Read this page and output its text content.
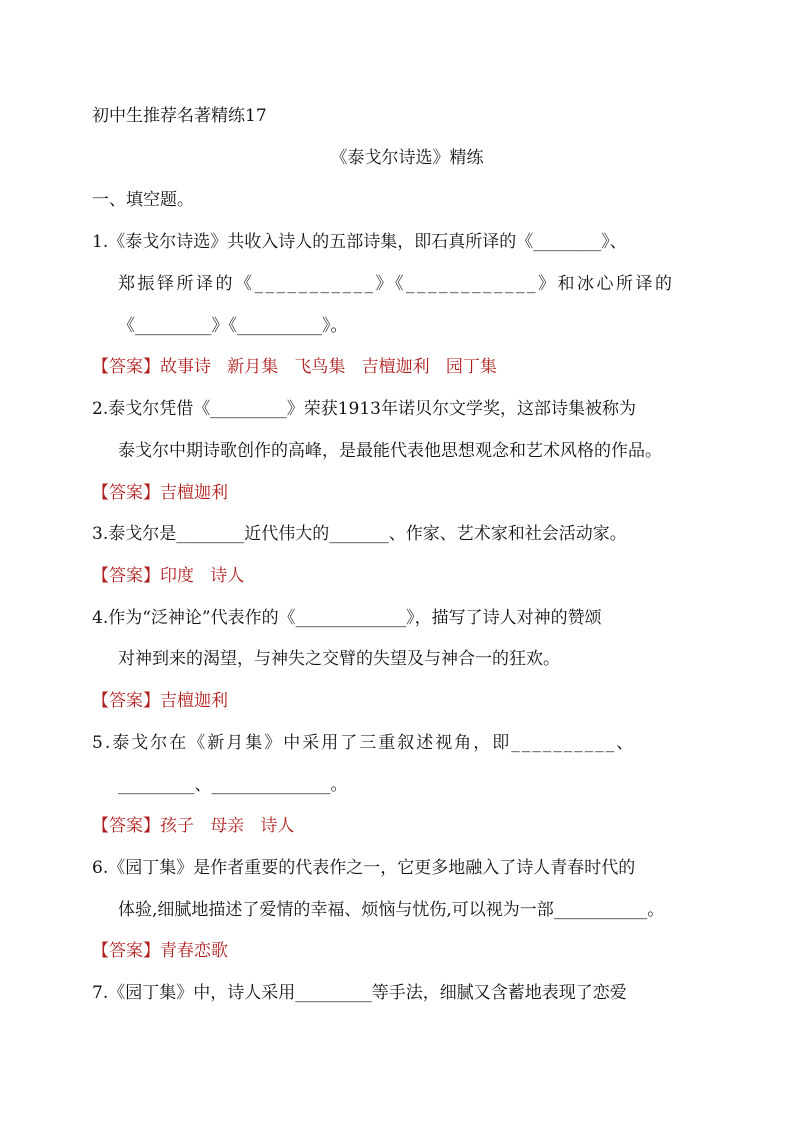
初中生推荐名著精练17
《泰戈尔诗选》精练
一、填空题。
1.《泰戈尔诗选》共收入诗人的五部诗集，即石真所译的《________》、
郑振铎所译的《___________》《____________》和冰心所译的
《_________》《__________》。
【答案】故事诗   新月集   飞鸟集   吉檀迦利   园丁集
2.泰戈尔凭借《_________》荣获1913年诺贝尔文学奖，这部诗集被称为
泰戈尔中期诗歌创作的高峰，是最能代表他思想观念和艺术风格的作品。
【答案】吉檀迦利
3.泰戈尔是________近代伟大的_______、作家、艺术家和社会活动家。
【答案】印度   诗人
4.作为“泛神论”代表作的《_____________》，描写了诗人对神的赞颂
对神到来的渴望，与神失之交臂的失望及与神合一的狂欢。
【答案】吉檀迦利
5.泰戈尔在《新月集》中采用了三重叙述视角，即__________、
_________、______________。
【答案】孩子   母亲   诗人
6.《园丁集》是作者重要的代表作之一，它更多地融入了诗人青春时代的
体验,细腻地描述了爱情的幸福、烦恼与忧伤,可以视为一部___________。
【答案】青春恋歌
7.《园丁集》中，诗人采用_________等手法，细腻又含蓄地表现了恋爱
